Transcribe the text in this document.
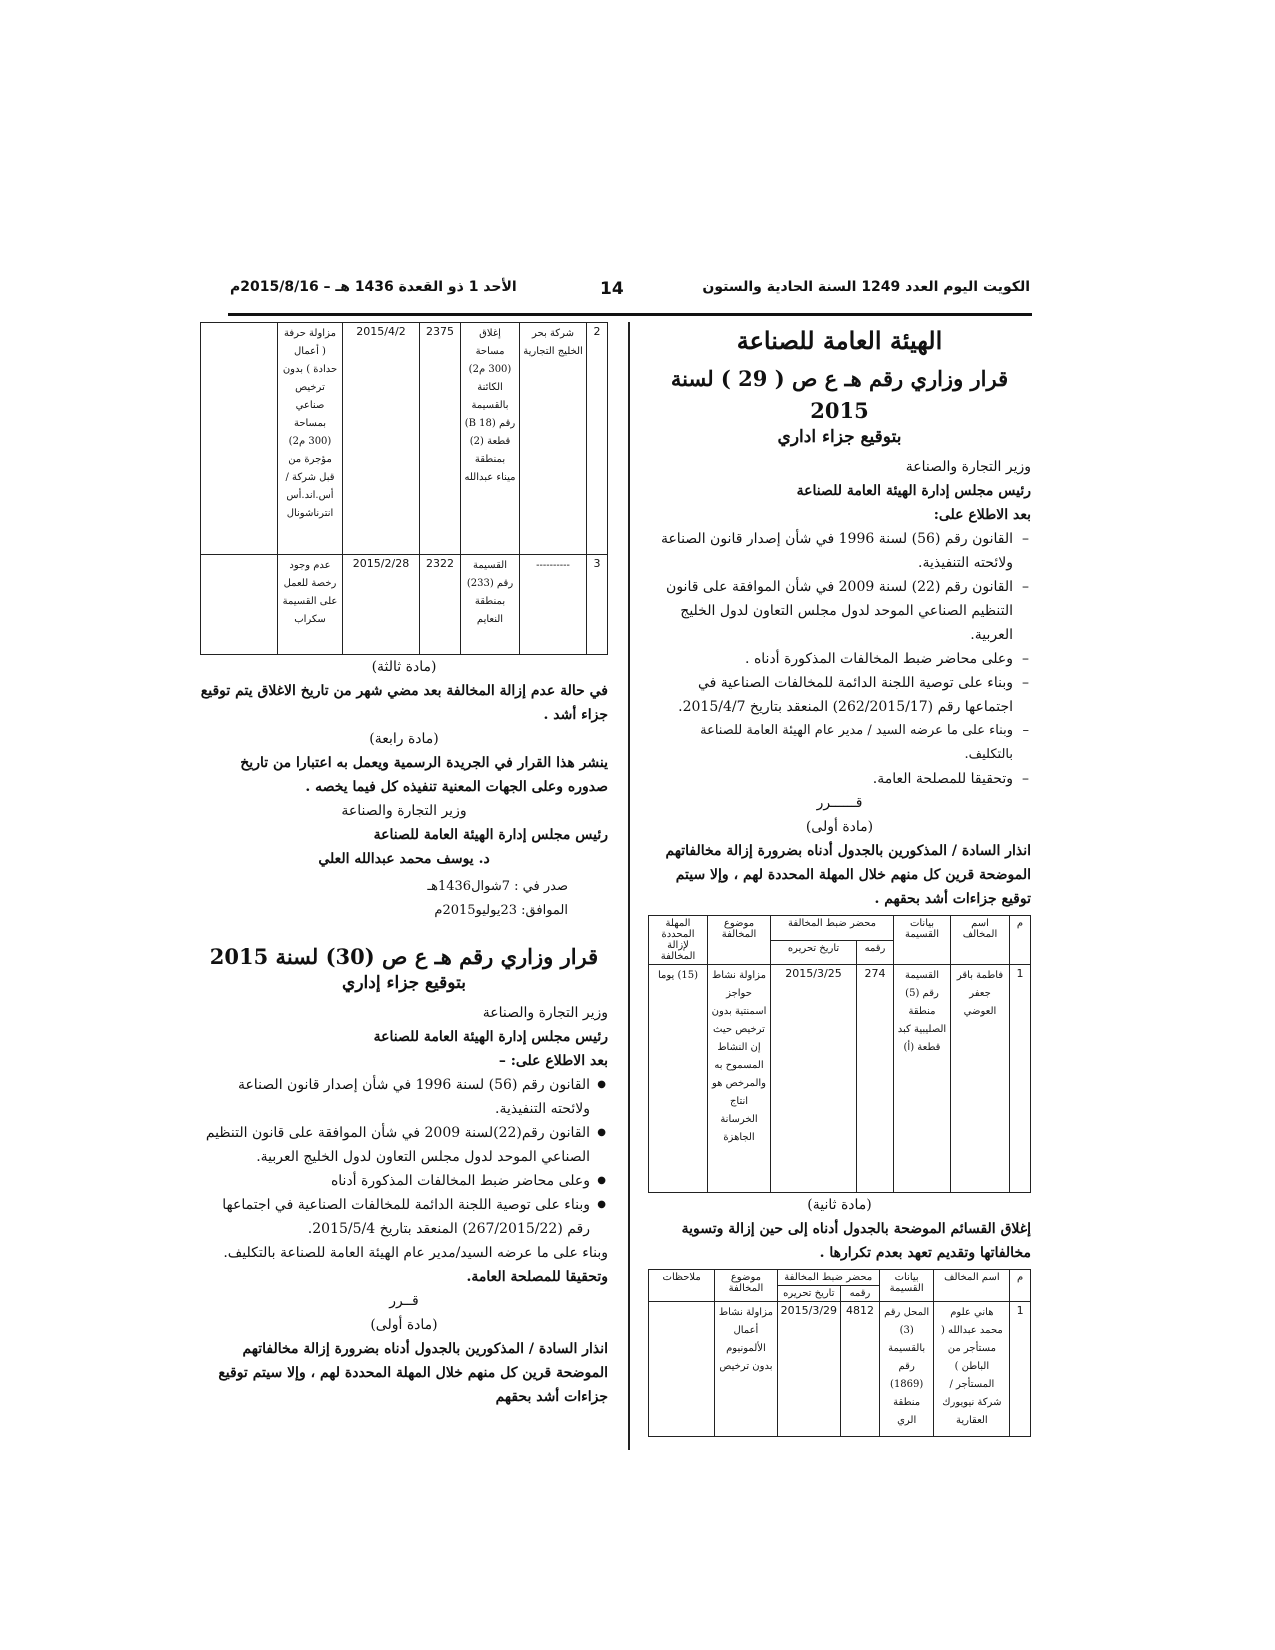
الكويت اليوم العدد 1249 السنة الحادية والستون
14
الأحد 1 ذو القعدة 1436 هـ – 2015/8/16م
الهيئة العامة للصناعة
قرار وزاري رقم هـ ع ص ( 29 ) لسنة 2015
بتوقيع جزاء اداري

وزير التجارة والصناعة

رئيس مجلس إدارة الهيئة العامة للصناعة

بعد الاطلاع على:

– القانون رقم (56) لسنة 1996 في شأن إصدار قانون الصناعة ولائحته التنفيذية.

– القانون رقم (22) لسنة 2009 في شأن الموافقة على قانون التنظيم الصناعي الموحد لدول مجلس التعاون لدول الخليج العربية.

– وعلى محاضر ضبط المخالفات المذكورة أدناه .

– وبناء على توصية اللجنة الدائمة للمخالفات الصناعية في اجتماعها رقم (262/2015/17) المنعقد بتاريخ 2015/4/7.

– وبناء على ما عرضه السيد / مدير عام الهيئة العامة للصناعة بالتكليف.

– وتحقيقا للمصلحة العامة.

قــــــرر

(مادة أولى)

انذار السادة / المذكورين بالجدول أدناه بضرورة إزالة مخالفاتهم الموضحة قرين كل منهم خلال المهلة المحددة لهم ، وإلا سيتم توقيع جزاءات أشد بحقهم .

م	اسم المخالف	بيانات القسيمة	محضر ضبط المخالفة		موضوع المخالفة	المهلة المحددة لإزالة المخالفة
			رقمه	تاريخ تحريره		
1	فاطمة باقر جعفر العوضي	القسيمة رقم (5) منطقة الصليبية كبد قطعة (أ)	274	2015/3/25	مزاولة نشاط حواجز اسمنتية بدون ترخيص حيث إن النشاط المسموح به والمرخص هو انتاج الخرسانة الجاهزة	(15) يوما

(مادة ثانية)

إغلاق القسائم الموضحة بالجدول أدناه إلى حين إزالة وتسوية مخالفاتها وتقديم تعهد بعدم تكرارها .

م	اسم المخالف	بيانات القسيمة	محضر ضبط المخالفة		موضوع المخالفة	ملاحظات
			رقمه	تاريخ تحريره		
1	هاني علوم محمد عبدالله ( مستأجر من الباطن ) المستأجر / شركة نيويورك العقارية	المحل رقم (3) بالقسيمة رقم (1869) منطقة الري	4812	2015/3/29	مزاولة نشاط أعمال الألمونيوم بدون ترخيص	
2	شركة بحر الخليج التجارية	إغلاق مساحة (300 م2) الكائنة بالقسيمة رقم (18 B) قطعة (2) بمنطقة ميناء عبدالله	2375	2015/4/2	مزاولة حرفة ( أعمال حدادة ) بدون ترخيص صناعي بمساحة (300 م2) مؤجرة من قبل شركة /أس.اند.أس انترناشونال	
3	----------	القسيمة رقم (233) بمنطقة النعايم	2322	2015/2/28	عدم وجود رخصة للعمل على القسيمة سكراب	

(مادة ثالثة)

في حالة عدم إزالة المخالفة بعد مضي شهر من تاريخ الاغلاق يتم توقيع جزاء أشد .

(مادة رابعة)

ينشر هذا القرار في الجريدة الرسمية ويعمل به اعتبارا من تاريخ صدوره وعلى الجهات المعنية تنفيذه كل فيما يخصه .

وزير التجارة والصناعة

رئيس مجلس إدارة الهيئة العامة للصناعة

د. يوسف محمد عبدالله العلي

صدر في : 7شوال1436هـ

الموافق: 23يوليو2015م

قرار وزاري رقم هـ ع ص (30) لسنة 2015
بتوقيع جزاء إداري

وزير التجارة والصناعة

رئيس مجلس إدارة الهيئة العامة للصناعة

بعد الاطلاع على: –

● القانون رقم (56) لسنة 1996 في شأن إصدار قانون الصناعة ولائحته التنفيذية.

● القانون رقم(22)لسنة 2009 في شأن الموافقة على قانون التنظيم الصناعي الموحد لدول مجلس التعاون لدول الخليج العربية.

● وعلى محاضر ضبط المخالفات المذكورة أدناه

● وبناء على توصية اللجنة الدائمة للمخالفات الصناعية في اجتماعها رقم (267/2015/22) المنعقد بتاريخ 2015/5/4.

وبناء على ما عرضه السيد/مدير عام الهيئة العامة للصناعة بالتكليف.

وتحقيقا للمصلحة العامة.

قــرر

(مادة أولى)

انذار السادة / المذكورين بالجدول أدناه بضرورة إزالة مخالفاتهم الموضحة قرين كل منهم خلال المهلة المحددة لهم ، وإلا سيتم توقيع جزاءات أشد بحقهم
